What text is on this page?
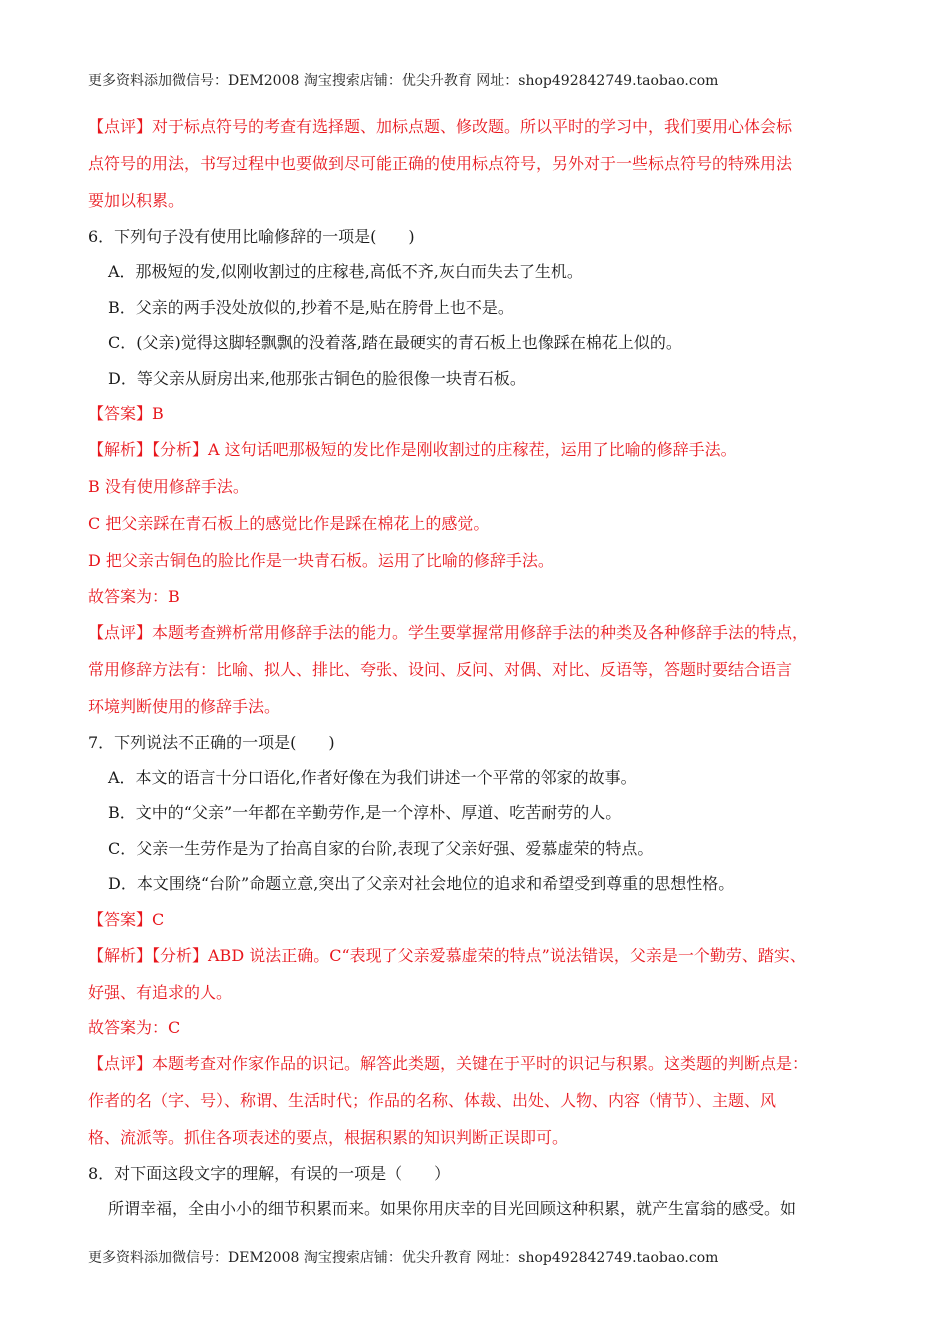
更多资料添加微信号：DEM2008 淘宝搜索店铺：优尖升教育 网址：shop492842749.taobao.com
【点评】对于标点符号的考查有选择题、加标点题、修改题。所以平时的学习中，我们要用心体会标
点符号的用法，书写过程中也要做到尽可能正确的使用标点符号，另外对于一些标点符号的特殊用法
要加以积累。
6．下列句子没有使用比喻修辞的一项是(　　)
A．那极短的发,似刚收割过的庄稼巷,高低不齐,灰白而失去了生机。
B．父亲的两手没处放似的,抄着不是,贴在胯骨上也不是。
C．(父亲)觉得这脚轻飘飘的没着落,踏在最硬实的青石板上也像踩在棉花上似的。
D．等父亲从厨房出来,他那张古铜色的脸很像一块青石板。
【答案】B
【解析】【分析】A 这句话吧那极短的发比作是刚收割过的庄稼茬，运用了比喻的修辞手法。
B 没有使用修辞手法。
C 把父亲踩在青石板上的感觉比作是踩在棉花上的感觉。
D 把父亲古铜色的脸比作是一块青石板。运用了比喻的修辞手法。
故答案为：B
【点评】本题考查辨析常用修辞手法的能力。学生要掌握常用修辞手法的种类及各种修辞手法的特点，
常用修辞方法有：比喻、拟人、排比、夸张、设问、反问、对偶、对比、反语等，答题时要结合语言
环境判断使用的修辞手法。
7．下列说法不正确的一项是(　　)
A．本文的语言十分口语化,作者好像在为我们讲述一个平常的邻家的故事。
B．文中的“父亲”一年都在辛勤劳作,是一个淳朴、厚道、吃苦耐劳的人。
C．父亲一生劳作是为了抬高自家的台阶,表现了父亲好强、爱慕虚荣的特点。
D．本文围绕“台阶”命题立意,突出了父亲对社会地位的追求和希望受到尊重的思想性格。
【答案】C
【解析】【分析】ABD 说法正确。C“表现了父亲爱慕虚荣的特点”说法错误，父亲是一个勤劳、踏实、
好强、有追求的人。
故答案为：C
【点评】本题考查对作家作品的识记。解答此类题，关键在于平时的识记与积累。这类题的判断点是：
作者的名（字、号）、称谓、生活时代；作品的名称、体裁、出处、人物、内容（情节）、主题、风
格、流派等。抓住各项表述的要点，根据积累的知识判断正误即可。
8．对下面这段文字的理解，有误的一项是（　　）
所谓幸福，全由小小的细节积累而来。如果你用庆幸的目光回顾这种积累，就产生富翁的感受。如
更多资料添加微信号：DEM2008 淘宝搜索店铺：优尖升教育 网址：shop492842749.taobao.com
